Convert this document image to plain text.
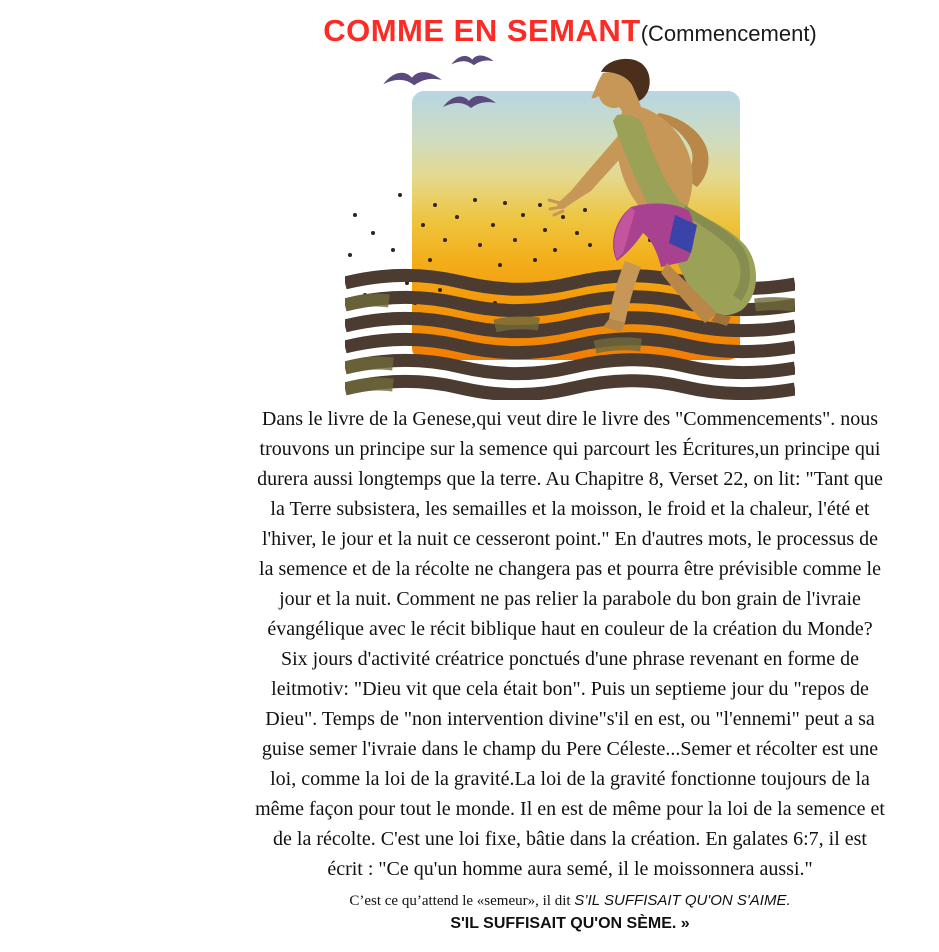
COMME EN SEMANT(Commencement)
Dans le livre de la Genese,qui veut dire le livre des "Commencements". nous
trouvons un principe sur la semence qui parcourt les Écritures,un principe qui
durera aussi longtemps que la terre. Au Chapitre 8, Verset 22, on lit: "Tant que
la Terre subsistera, les semailles et la moisson, le froid et la chaleur, l'été et
l'hiver, le jour et la nuit ce cesseront point." En d'autres mots, le processus de
la semence et de la récolte ne changera pas et pourra être prévisible comme le
jour et la nuit. Comment ne pas relier la parabole du bon grain de l'ivraie
évangélique avec le récit biblique haut en couleur de la création du Monde?
Six jours d'activité créatrice ponctués d'une phrase revenant en forme de
leitmotiv: "Dieu vit que cela était bon". Puis un septieme jour du "repos de
Dieu". Temps de "non intervention divine"s'il en est, ou "l'ennemi" peut a sa
guise semer l'ivraie dans le champ du Pere Céleste...Semer et récolter est une
loi, comme la loi de la gravité.La loi de la gravité fonctionne toujours de la
même façon pour tout le monde. Il en est de même pour la loi de la semence et
de la récolte. C'est une loi fixe, bâtie dans la création. En galates 6:7, il est
écrit : "Ce qu'un homme aura semé, il le moissonnera aussi."
C’est ce qu’attend le «semeur», il dit S’IL SUFFISAIT QU'ON S'AIME.
S'IL SUFFISAIT QU'ON SÈME. »
